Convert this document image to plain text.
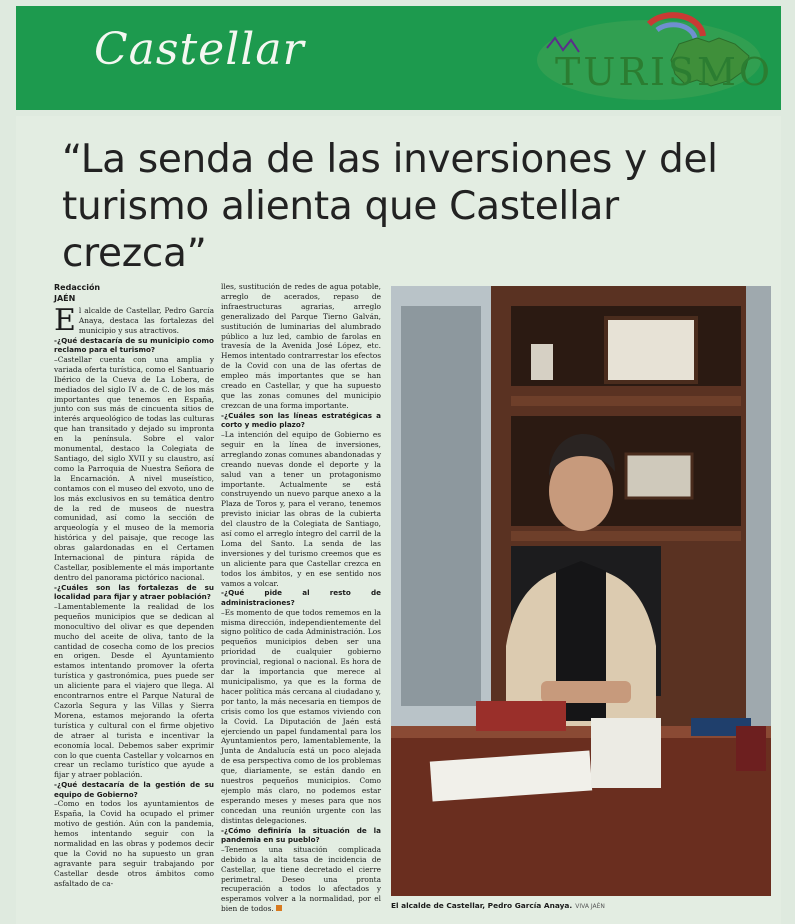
Castellar	TURISMO
“La senda de las inversiones y del turismo alienta que Castellar crezca”
Redacción
JAÉN

El alcalde de Castellar, Pedro García Anaya, destaca las fortalezas del municipio y sus atractivos.

-¿Qué destacaría de su municipio como reclamo para el turismo?

–Castellar cuenta con una amplia y variada oferta turística, como el Santuario Ibérico de la Cueva de La Lobera, de mediados del siglo IV a. de C. de los más importantes que tenemos en España, junto con sus más de cincuenta sitios de interés arqueológico de todas las culturas que han transitado y dejado su impronta en la península. Sobre el valor monumental, destaco la Colegiata de Santiago, del siglo XVII y su claustro, así como la Parroquia de Nuestra Señora de la Encarnación. A nivel museístico, contamos con el museo del exvoto, uno de los más exclusivos en su temática dentro de la red de museos de nuestra comunidad, así como la sección de arqueología y el museo de la memoria histórica y del paisaje, que recoge las obras galardonadas en el Certamen Internacional de pintura rápida de Castellar, posiblemente el más importante dentro del panorama pictórico nacional.

-¿Cuáles son las fortalezas de su localidad para fijar y atraer población?

–Lamentablemente la realidad de los pequeños municipios que se dedican al monocultivo del olivar es que dependen mucho del aceite de oliva, tanto de la cantidad de cosecha como de los precios en origen. Desde el Ayuntamiento estamos intentando promover la oferta turística y gastronómica, pues puede ser un aliciente para el viajero que llega. Al encontrarnos entre el Parque Natural de Cazorla Segura y las Villas y Sierra Morena, estamos mejorando la oferta turística y cultural con el firme objetivo de atraer al turista e incentivar la economía local. Debemos saber exprimir con lo que cuenta Castellar y volcarnos en crear un reclamo turístico que ayude a fijar y atraer población.

-¿Qué destacaría de la gestión de su equipo de Gobierno?

–Como en todos los ayuntamientos de España, la Covid ha ocupado el primer motivo de gestión. Aún con la pandemia, hemos intentando seguir con la normalidad en las obras y podemos decir que la Covid no ha supuesto un gran agravante para seguir trabajando por Castellar desde otros ámbitos como asfaltado de ca-

lles, sustitución de redes de agua potable, arreglo de acerados, repaso de infraestructuras agrarias, arreglo generalizado del Parque Tierno Galván, sustitución de luminarias del alumbrado público a luz led, cambio de farolas en travesía de la Avenida José López, etc. Hemos intentado contrarrestar los efectos de la Covid con una de las ofertas de empleo más importantes que se han creado en Castellar, y que ha supuesto que las zonas comunes del municipio crezcan de una forma importante.

-¿Cuáles son las líneas estratégicas a corto y medio plazo?

–La intención del equipo de Gobierno es seguir en la línea de inversiones, arreglando zonas comunes abandonadas y creando nuevas donde el deporte y la salud van a tener un protagonismo importante. Actualmente se está construyendo un nuevo parque anexo a la Plaza de Toros y, para el verano, tenemos previsto iniciar las obras de la cubierta del claustro de la Colegiata de Santiago, así como el arreglo íntegro del carril de la Loma del Santo. La senda de las inversiones y del turismo creemos que es un aliciente para que Castellar crezca en todos los ámbitos, y en ese sentido nos vamos a volcar.

-¿Qué pide al resto de administraciones?

–Es momento de que todos rememos en la misma dirección, independientemente del signo político de cada Administración. Los pequeños municipios deben ser una prioridad de cualquier gobierno provincial, regional o nacional. Es hora de dar la importancia que merece al municipalismo, ya que es la forma de hacer política más cercana al ciudadano y, por tanto, la más necesaria en tiempos de crisis como los que estamos viviendo con la Covid. La Diputación de Jaén está ejerciendo un papel fundamental para los Ayuntamientos pero, lamentablemente, la Junta de Andalucía está un poco alejada de esa perspectiva como de los problemas que, diariamente, se están dando en nuestros pequeños municipios. Como ejemplo más claro, no podemos estar esperando meses y meses para que nos concedan una reunión urgente con las distintas delegaciones.

-¿Cómo definiría la situación de la pandemia en su pueblo?

–Tenemos una situación complicada debido a la alta tasa de incidencia de Castellar, que tiene decretado el cierre perimetral. Deseo una pronta recuperación a todos lo afectados y esperamos volver a la normalidad, por el bien de todos.	El alcalde de Castellar, Pedro García Anaya. VIVA JAÉN
